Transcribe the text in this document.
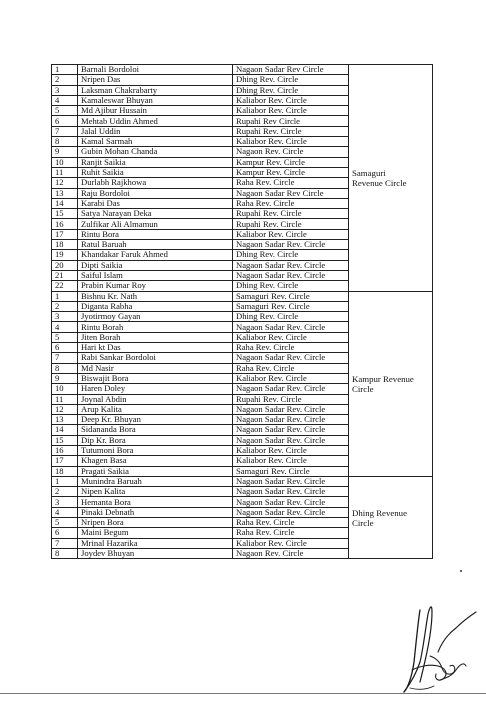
1	Barnali Bordoloi	Nagaon Sadar Rev Circle	Samaguri
Revenue Circle

2	Nripen Das	Dhing Rev. Circle	
3	Laksman Chakrabarty	Dhing Rev. Circle	
4	Kamaleswar Bhuyan	Kaliabor Rev. Circle	
5	Md Ajibur Hussain	Kaliabor Rev. Circle	
6	Mehtab Uddin Ahmed	Rupahi Rev Circle	
7	Jalal Uddin	Rupahi Rev. Circle	
8	Kamal Sarmah	Kaliabor Rev. Circle	
9	Gubin Mohan Chanda	Nagaon Rev. Circle	
10	Ranjit Saikia	Kampur Rev. Circle	
11	Ruhit Saikia	Kampur Rev. Circle	
12	Durlabh Rajkhowa	Raha Rev. Circle	
13	Raju Bordoloi	Nagaon Sadar Rev Circle	
14	Karabi Das	Raha Rev. Circle	
15	Satya Narayan Deka	Rupahi Rev. Circle	
16	Zulfikar Ali Almamun	Rupahi Rev. Circle	
17	Rintu Bora	Kaliabor Rev. Circle	
18	Ratul Baruah	Nagaon Sadar Rev. Circle	
19	Khandakar Faruk Ahmed	Dhing Rev. Circle	
20	Dipti Saikia	Nagaon Sadar Rev. Circle	
21	Saiful Islam	Nagaon Sadar Rev. Circle	
22	Prabin Kumar Roy	Dhing Rev. Circle	
1	Bishnu Kr. Nath	Samaguri Rev. Circle	Kampur Revenue
Circle

2	Diganta Rabha	Samaguri Rev. Circle	
3	Jyotirmoy Gayan	Dhing Rev. Circle	
4	Rintu Borah	Nagaon Sadar Rev. Circle	
5	Jiten Borah	Kaliabor Rev. Circle	
6	Hari kt Das	Raha Rev. Circle	
7	Rabi Sankar Bordoloi	Nagaon Sadar Rev. Circle	
8	Md Nasir	Raha Rev. Circle	
9	Biswajit Bora	Kaliabor Rev. Circle	
10	Haren Doley	Nagaon Sadar Rev. Circle	
11	Joynal Abdin	Rupahi Rev. Circle	
12	Arup Kalita	Nagaon Sadar Rev. Circle	
13	Deep Kr. Bhuyan	Nagaon Sadar Rev. Circle	
14	Sidananda Bora	Nagaon Sadar Rev. Circle	
15	Dip Kr. Bora	Nagaon Sadar Rev. Circle	
16	Tutumoni Bora	Kaliabor Rev. Circle	
17	Khagen Basa	Kaliabor Rev. Circle	
18	Pragati Saikia	Samaguri Rev. Circle	
1	Munindra Baruah	Nagaon Sadar Rev. Circle	Dhing Revenue
Circle

2	Nipen Kalita	Nagaon Sadar Rev. Circle	
3	Hemanta Bora	Nagaon Sadar Rev. Circle	
4	Pinaki Debnath	Nagaon Sadar Rev. Circle	
5	Nripen Bora	Raha Rev. Circle	
6	Maini Begum	Raha Rev. Circle	
7	Mrinal Hazarika	Kaliabor Rev. Circle	
8	Joydev Bhuyan	Nagaon Rev. Circle	
